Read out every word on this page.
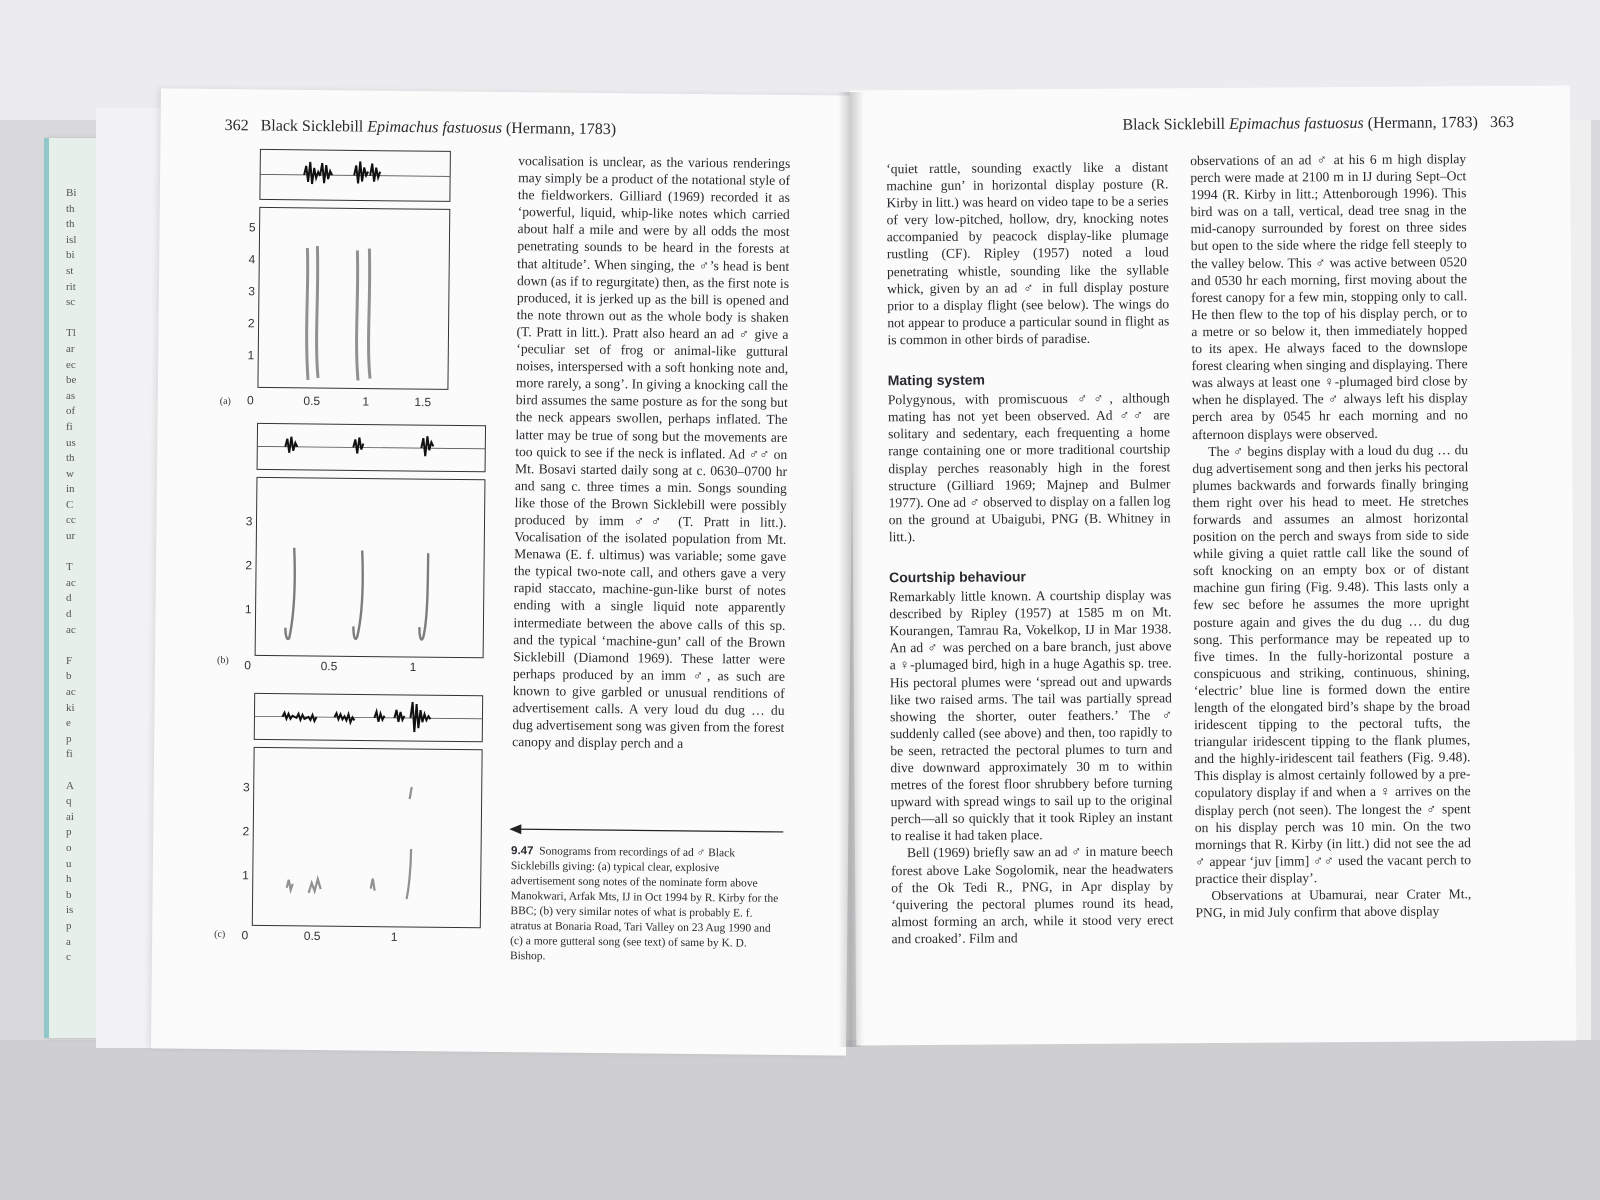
Bi
th
th
isl
bi
st
rit
sc

Tl
ar
ec
be
as
of
fi
us
th
w
in
C
cc
ur

T
ac
d
d
ac

F
b
ac
ki
e
p
fi

A
q
ai
p
o
u
h
b
is
p
a
c
362 Black Sicklebill Epimachus fastuosus (Hermann, 1783)
5
4
3
2
1
0	0.5	1	1.5
(a)
3
2
1
0	0.5	1
(b)
3
2
1
0	0.5	1
(c)

vocalisation is unclear, as the various renderings may simply be a product of the notational style of the fieldworkers. Gilliard (1969) recorded it as ‘powerful, liquid, whip-like notes which carried about half a mile and were by all odds the most penetrating sounds to be heard in the forests at that altitude’. When singing, the ♂’s head is bent down (as if to regurgitate) then, as the first note is produced, it is jerked up as the bill is opened and the note thrown out as the whole body is shaken (T. Pratt in litt.). Pratt also heard an ad ♂ give a ‘peculiar set of frog or animal-like guttural noises, interspersed with a soft honking note and, more rarely, a song’. In giving a knocking call the bird assumes the same posture as for the song but the neck appears swollen, perhaps inflated. The latter may be true of song but the movements are too quick to see if the neck is inflated. Ad ♂♂ on Mt. Bosavi started daily song at c. 0630–0700 hr and sang c. three times a min. Songs sounding like those of the Brown Sicklebill were possibly produced by imm ♂♂ (T. Pratt in litt.). Vocalisation of the isolated population from Mt. Menawa (E. f. ultimus) was variable; some gave the typical two-note call, and others gave a very rapid staccato, machine-gun-like burst of notes ending with a single liquid note apparently intermediate between the above calls of this sp. and the typical ‘machine-gun’ call of the Brown Sicklebill (Diamond 1969). These latter were perhaps produced by an imm ♂, as such are known to give garbled or unusual renditions of advertisement calls. A very loud du dug … du dug advertisement song was given from the forest canopy and display perch and a

9.47 Sonograms from recordings of ad ♂ Black Sicklebills giving: (a) typical clear, explosive advertisement song notes of the nominate form above Manokwari, Arfak Mts, IJ in Oct 1994 by R. Kirby for the BBC; (b) very similar notes of what is probably E. f. atratus at Bonaria Road, Tari Valley on 23 Aug 1990 and (c) a more gutteral song (see text) of same by K. D. Bishop.
Black Sicklebill Epimachus fastuosus (Hermann, 1783) 363

‘quiet rattle, sounding exactly like a distant machine gun’ in horizontal display posture (R. Kirby in litt.) was heard on video tape to be a series of very low-pitched, hollow, dry, knocking notes accompanied by peacock display-like plumage rustling (CF). Ripley (1957) noted a loud penetrating whistle, sounding like the syllable whick, given by an ad ♂ in full display posture prior to a display flight (see below). The wings do not appear to produce a particular sound in flight as is common in other birds of paradise.

Mating system

Polygynous, with promiscuous ♂♂, although mating has not yet been observed. Ad ♂♂ are solitary and sedentary, each frequenting a home range containing one or more traditional courtship display perches reasonably high in the forest structure (Gilliard 1969; Majnep and Bulmer 1977). One ad ♂ observed to display on a fallen log on the ground at Ubaigubi, PNG (B. Whitney in litt.).

Courtship behaviour

Remarkably little known. A courtship display was described by Ripley (1957) at 1585 m on Mt. Kourangen, Tamrau Ra, Vokelkop, IJ in Mar 1938. An ad ♂ was perched on a bare branch, just above a ♀-plumaged bird, high in a huge Agathis sp. tree. His pectoral plumes were ‘spread out and upwards like two raised arms. The tail was partially spread showing the shorter, outer feathers.’ The ♂ suddenly called (see above) and then, too rapidly to be seen, retracted the pectoral plumes to turn and dive downward approximately 30 m to within metres of the forest floor shrubbery before turning upward with spread wings to sail up to the original perch—all so quickly that it took Ripley an instant to realise it had taken place.

Bell (1969) briefly saw an ad ♂ in mature beech forest above Lake Sogolomik, near the headwaters of the Ok Tedi R., PNG, in Apr display by ‘quivering the pectoral plumes round its head, almost forming an arch, while it stood very erect and croaked’. Film and

observations of an ad ♂ at his 6 m high display perch were made at 2100 m in IJ during Sept–Oct 1994 (R. Kirby in litt.; Attenborough 1996). This bird was on a tall, vertical, dead tree snag in the mid-canopy surrounded by forest on three sides but open to the side where the ridge fell steeply to the valley below. This ♂ was active between 0520 and 0530 hr each morning, first moving about the forest canopy for a few min, stopping only to call. He then flew to the top of his display perch, or to a metre or so below it, then immediately hopped to its apex. He always faced to the downslope forest clearing when singing and displaying. There was always at least one ♀-plumaged bird close by when he displayed. The ♂ always left his display perch area by 0545 hr each morning and no afternoon displays were observed.

The ♂ begins display with a loud du dug … du dug advertisement song and then jerks his pectoral plumes backwards and forwards finally bringing them right over his head to meet. He stretches forwards and assumes an almost horizontal position on the perch and sways from side to side while giving a quiet rattle call like the sound of soft knocking on an empty box or of distant machine gun firing (Fig. 9.48). This lasts only a few sec before he assumes the more upright posture again and gives the du dug … du dug song. This performance may be repeated up to five times. In the fully-horizontal posture a conspicuous and striking, continuous, shining, ‘electric’ blue line is formed down the entire length of the elongated bird’s shape by the broad iridescent tipping to the pectoral tufts, the triangular iridescent tipping to the flank plumes, and the highly-iridescent tail feathers (Fig. 9.48). This display is almost certainly followed by a pre-copulatory display if and when a ♀ arrives on the display perch (not seen). The longest the ♂ spent on his display perch was 10 min. On the two mornings that R. Kirby (in litt.) did not see the ad ♂ appear ‘juv [imm] ♂♂ used the vacant perch to practice their display’.

Observations at Ubamurai, near Crater Mt., PNG, in mid July confirm that above display
